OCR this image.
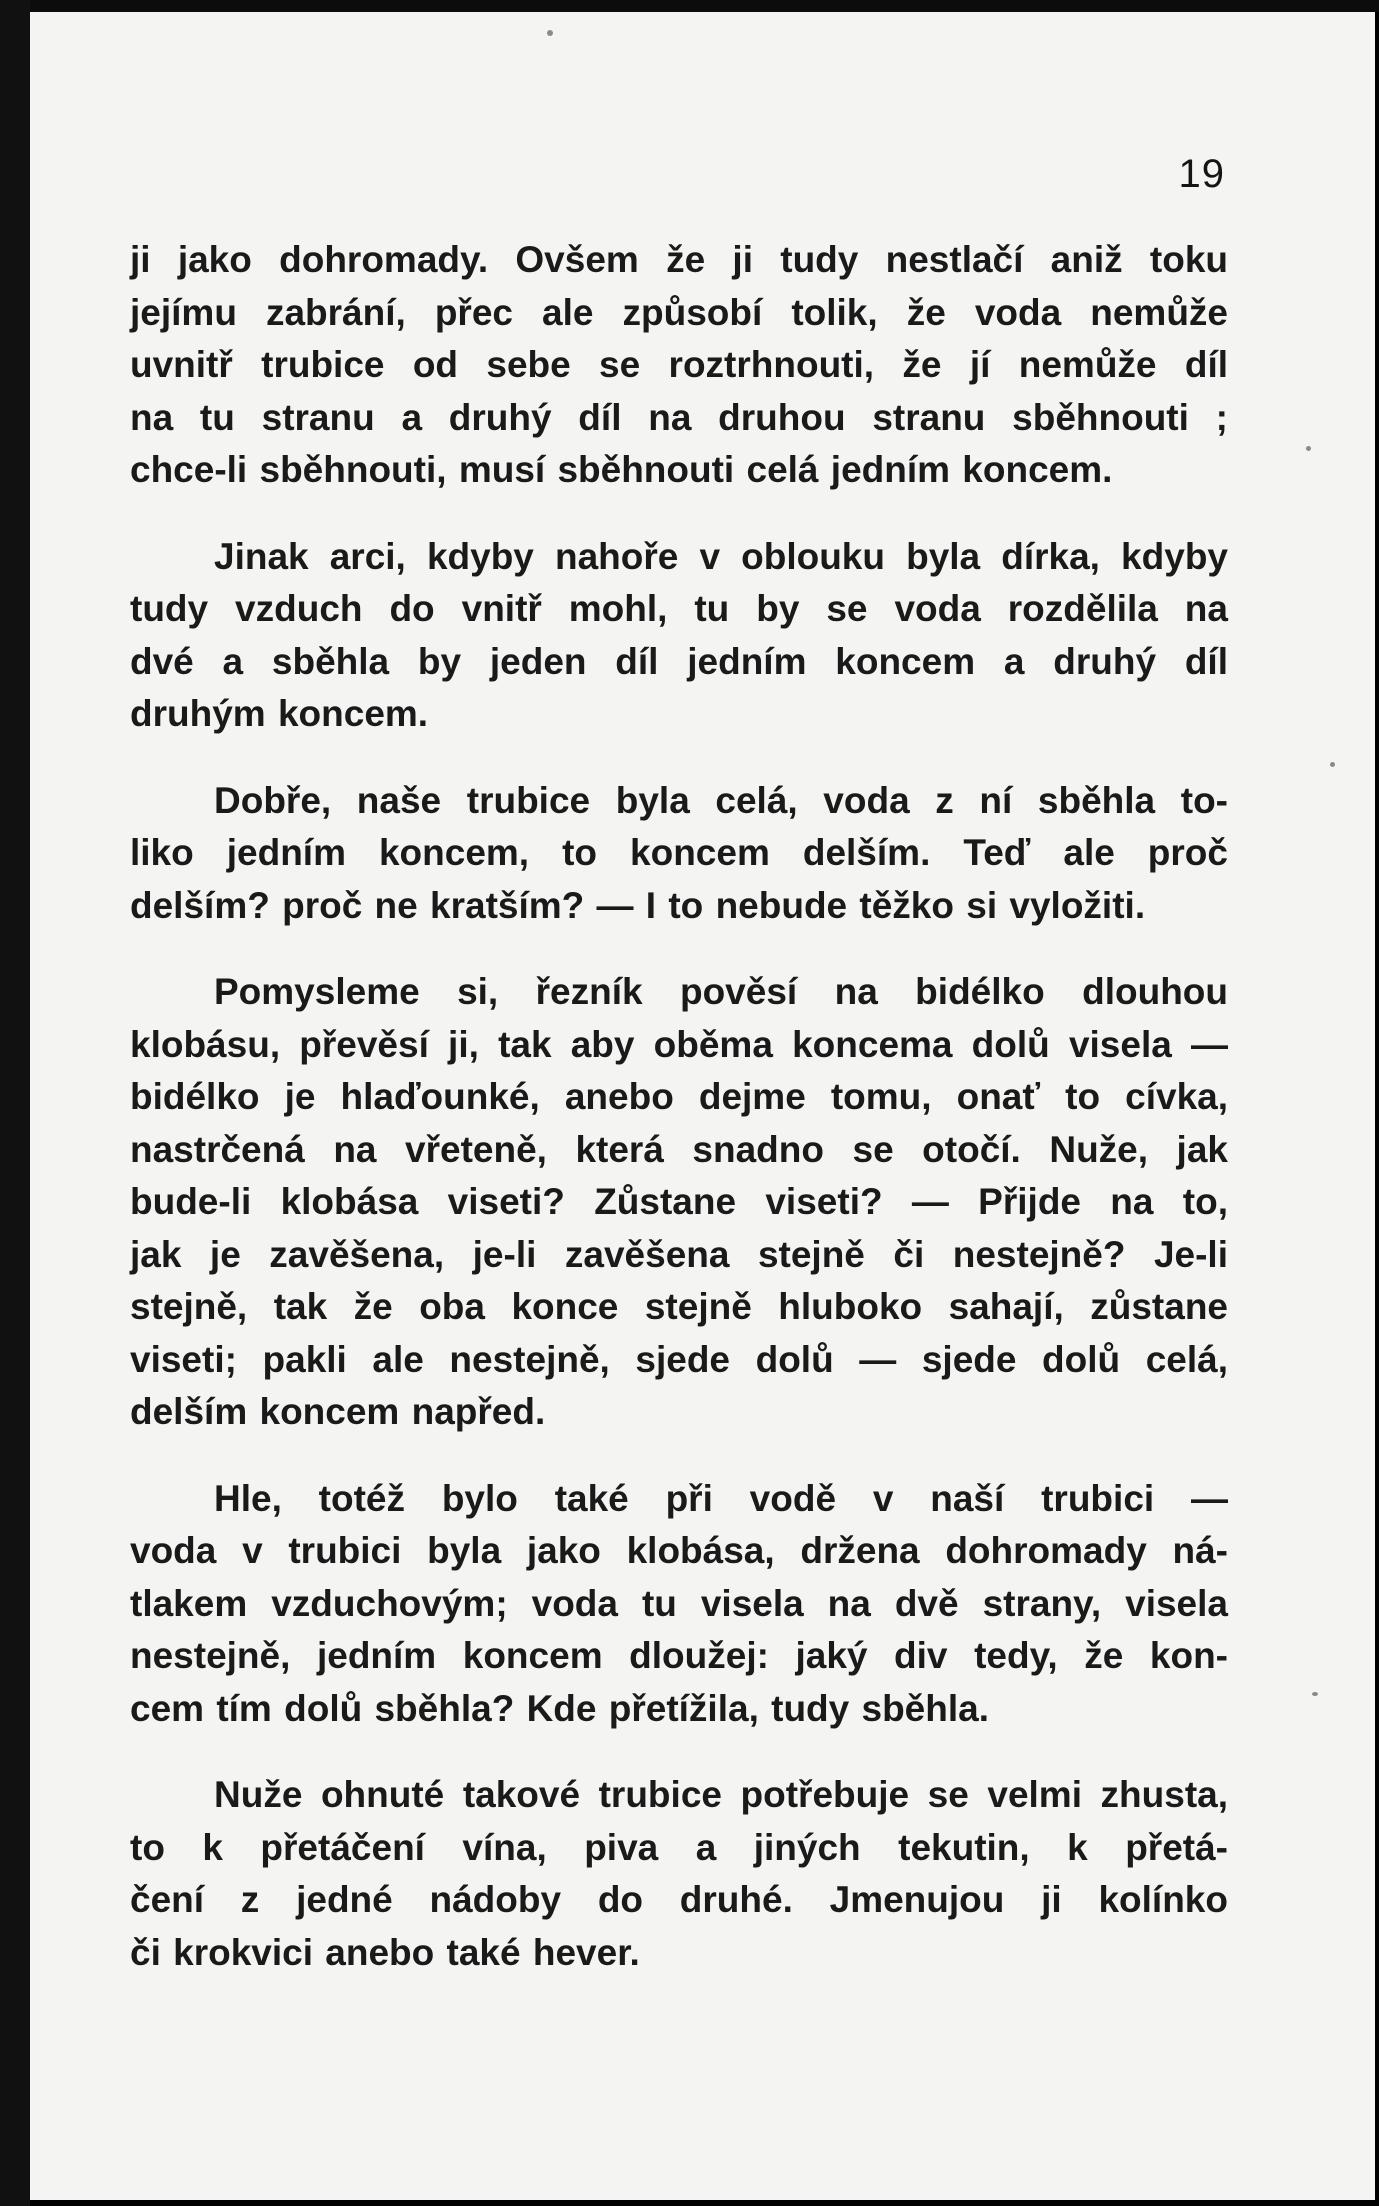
19

ji jako dohromady. Ovšem že ji tudy nestlačí aniž toku
jejímu zabrání, přec ale způsobí tolik, že voda nemůže
uvnitř trubice od sebe se roztrhnouti, že jí nemůže díl
na tu stranu a druhý díl na druhou stranu sběhnouti ;
chce-li sběhnouti, musí sběhnouti celá jedním koncem.

Jinak arci, kdyby nahoře v oblouku byla dírka, kdyby
tudy vzduch do vnitř mohl, tu by se voda rozdělila na
dvé a sběhla by jeden díl jedním koncem a druhý díl
druhým koncem.

Dobře, naše trubice byla celá, voda z ní sběhla to-
liko jedním koncem, to koncem delším. Teď ale proč
delším? proč ne kratším? — I to nebude těžko si vyložiti.

Pomysleme si, řezník pověsí na bidélko dlouhou
klobásu, převěsí ji, tak aby oběma koncema dolů visela —
bidélko je hlaďounké, anebo dejme tomu, onať to cívka,
nastrčená na vřeteně, která snadno se otočí. Nuže, jak
bude-li klobása viseti? Zůstane viseti? — Přijde na to,
jak je zavěšena, je-li zavěšena stejně či nestejně? Je-li
stejně, tak že oba konce stejně hluboko sahají, zůstane
viseti; pakli ale nestejně, sjede dolů — sjede dolů celá,
delším koncem napřed.

Hle, totéž bylo také při vodě v naší trubici —
voda v trubici byla jako klobása, držena dohromady ná-
tlakem vzduchovým; voda tu visela na dvě strany, visela
nestejně, jedním koncem dloužej: jaký div tedy, že kon-
cem tím dolů sběhla? Kde přetížila, tudy sběhla.

Nuže ohnuté takové trubice potřebuje se velmi zhusta,
to k přetáčení vína, piva a jiných tekutin, k přetá-
čení z jedné nádoby do druhé. Jmenujou ji kolínko
či krokvici anebo také hever.
